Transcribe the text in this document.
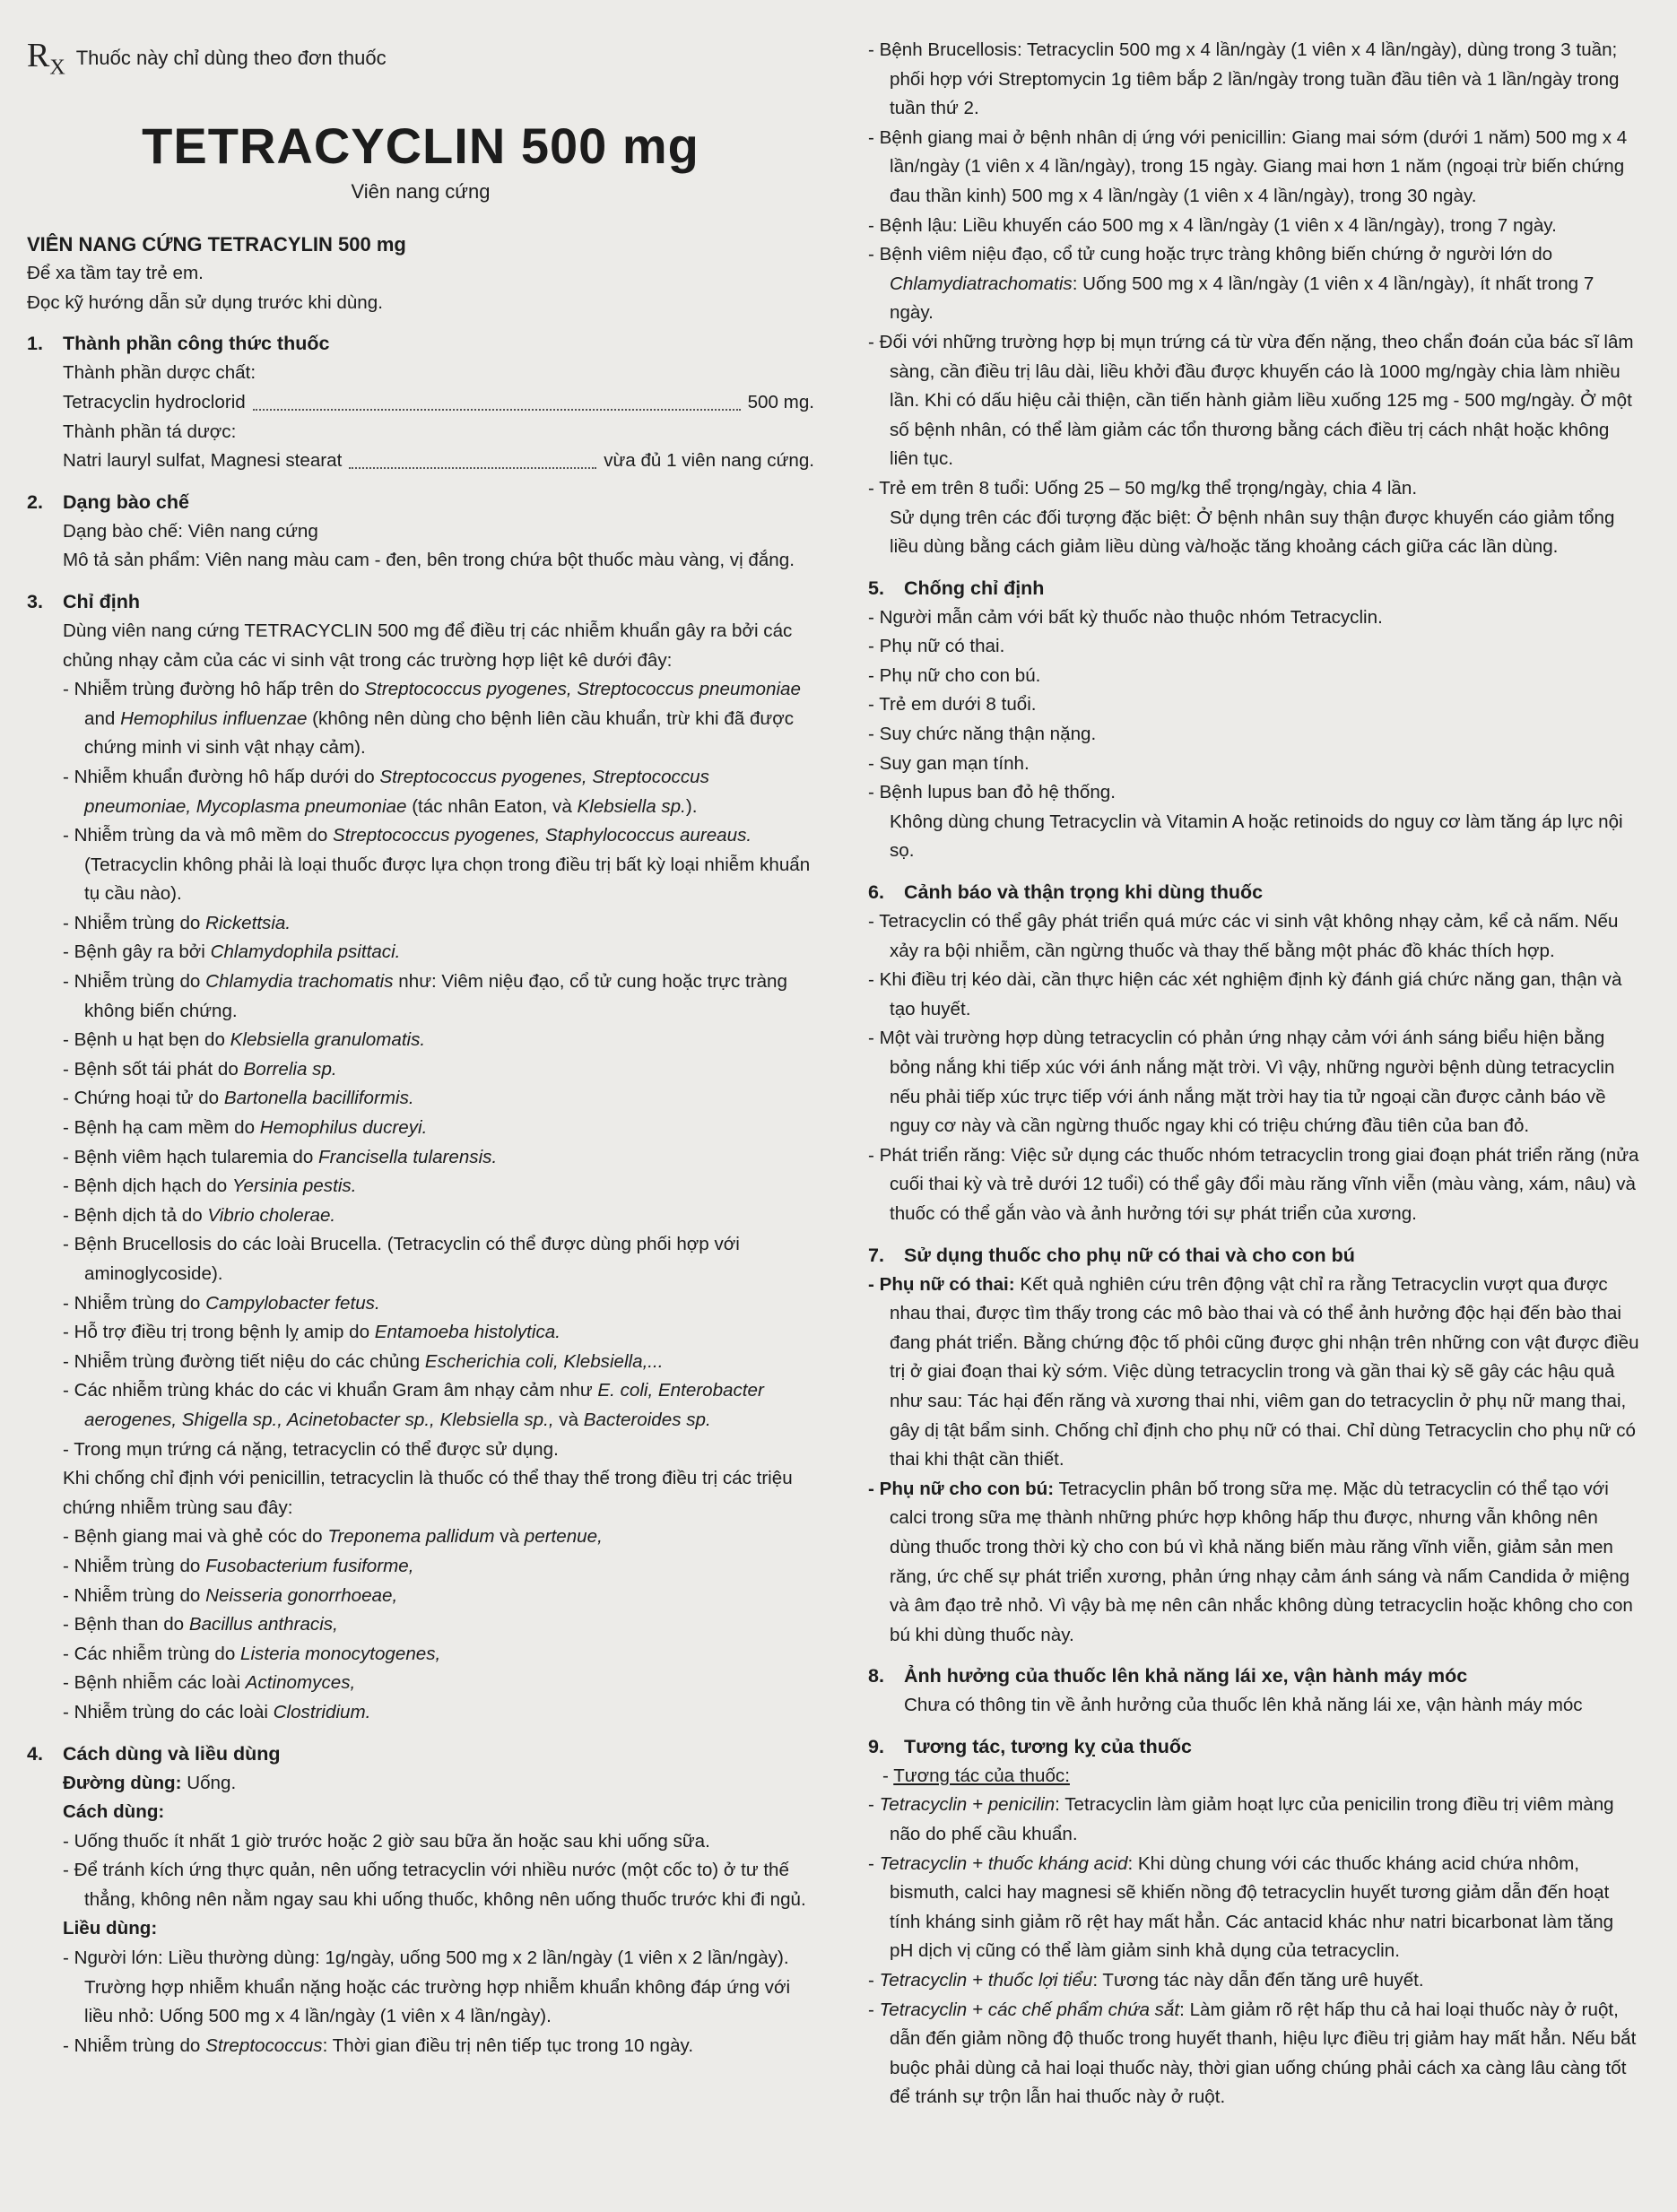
$R_X$ Thuốc này chỉ dùng theo đơn thuốc
TETRACYCLIN 500 mg
Viên nang cứng

VIÊN NANG CỨNG TETRACYLIN 500 mg

Để xa tầm tay trẻ em.

Đọc kỹ hướng dẫn sử dụng trước khi dùng.

1. Thành phần công thức thuốc

Thành phần dược chất:

Tetracyclin hydroclorid	500 mg.

Thành phần tá dược:

Natri lauryl sulfat, Magnesi stearat	vừa đủ 1 viên nang cứng.
2. Dạng bào chế

Dạng bào chế: Viên nang cứng

Mô tả sản phẩm: Viên nang màu cam - đen, bên trong chứa bột thuốc màu vàng, vị đắng.

3. Chỉ định

Dùng viên nang cứng TETRACYCLIN 500 mg để điều trị các nhiễm khuẩn gây ra bởi các chủng nhạy cảm của các vi sinh vật trong các trường hợp liệt kê dưới đây:

- Nhiễm trùng đường hô hấp trên do Streptococcus pyogenes, Streptococcus pneumoniae and Hemophilus influenzae (không nên dùng cho bệnh liên cầu khuẩn, trừ khi đã được chứng minh vi sinh vật nhạy cảm).

- Nhiễm khuẩn đường hô hấp dưới do Streptococcus pyogenes, Streptococcus pneumoniae, Mycoplasma pneumoniae (tác nhân Eaton, và Klebsiella sp.).

- Nhiễm trùng da và mô mềm do Streptococcus pyogenes, Staphylococcus aureaus. (Tetracyclin không phải là loại thuốc được lựa chọn trong điều trị bất kỳ loại nhiễm khuẩn tụ cầu nào).

- Nhiễm trùng do Rickettsia.

- Bệnh gây ra bởi Chlamydophila psittaci.

- Nhiễm trùng do Chlamydia trachomatis như: Viêm niệu đạo, cổ tử cung hoặc trực tràng không biến chứng.

- Bệnh u hạt bẹn do Klebsiella granulomatis.

- Bệnh sốt tái phát do Borrelia sp.

- Chứng hoại tử do Bartonella bacilliformis.

- Bệnh hạ cam mềm do Hemophilus ducreyi.

- Bệnh viêm hạch tularemia do Francisella tularensis.

- Bệnh dịch hạch do Yersinia pestis.

- Bệnh dịch tả do Vibrio cholerae.

- Bệnh Brucellosis do các loài Brucella. (Tetracyclin có thể được dùng phối hợp với aminoglycoside).

- Nhiễm trùng do Campylobacter fetus.

- Hỗ trợ điều trị trong bệnh lỵ amip do Entamoeba histolytica.

- Nhiễm trùng đường tiết niệu do các chủng Escherichia coli, Klebsiella,...

- Các nhiễm trùng khác do các vi khuẩn Gram âm nhạy cảm như E. coli, Enterobacter aerogenes, Shigella sp., Acinetobacter sp., Klebsiella sp., và Bacteroides sp.

- Trong mụn trứng cá nặng, tetracyclin có thể được sử dụng.

Khi chống chỉ định với penicillin, tetracyclin là thuốc có thể thay thế trong điều trị các triệu chứng nhiễm trùng sau đây:

- Bệnh giang mai và ghẻ cóc do Treponema pallidum và pertenue,

- Nhiễm trùng do Fusobacterium fusiforme,

- Nhiễm trùng do Neisseria gonorrhoeae,

- Bệnh than do Bacillus anthracis,

- Các nhiễm trùng do Listeria monocytogenes,

- Bệnh nhiễm các loài Actinomyces,

- Nhiễm trùng do các loài Clostridium.

4. Cách dùng và liều dùng

Đường dùng: Uống.

Cách dùng:

- Uống thuốc ít nhất 1 giờ trước hoặc 2 giờ sau bữa ăn hoặc sau khi uống sữa.

- Để tránh kích ứng thực quản, nên uống tetracyclin với nhiều nước (một cốc to) ở tư thế thẳng, không nên nằm ngay sau khi uống thuốc, không nên uống thuốc trước khi đi ngủ.

Liều dùng:

- Người lớn: Liều thường dùng: 1g/ngày, uống 500 mg x 2 lần/ngày (1 viên x 2 lần/ngày). Trường hợp nhiễm khuẩn nặng hoặc các trường hợp nhiễm khuẩn không đáp ứng với liều nhỏ: Uống 500 mg x 4 lần/ngày (1 viên x 4 lần/ngày).

- Nhiễm trùng do Streptococcus: Thời gian điều trị nên tiếp tục trong 10 ngày.

- Bệnh Brucellosis: Tetracyclin 500 mg x 4 lần/ngày (1 viên x 4 lần/ngày), dùng trong 3 tuần; phối hợp với Streptomycin 1g tiêm bắp 2 lần/ngày trong tuần đầu tiên và 1 lần/ngày trong tuần thứ 2.

- Bệnh giang mai ở bệnh nhân dị ứng với penicillin: Giang mai sớm (dưới 1 năm) 500 mg x 4 lần/ngày (1 viên x 4 lần/ngày), trong 15 ngày. Giang mai hơn 1 năm (ngoại trừ biến chứng đau thần kinh) 500 mg x 4 lần/ngày (1 viên x 4 lần/ngày), trong 30 ngày.

- Bệnh lậu: Liều khuyến cáo 500 mg x 4 lần/ngày (1 viên x 4 lần/ngày), trong 7 ngày.

- Bệnh viêm niệu đạo, cổ tử cung hoặc trực tràng không biến chứng ở người lớn do Chlamydiatrachomatis: Uống 500 mg x 4 lần/ngày (1 viên x 4 lần/ngày), ít nhất trong 7 ngày.

- Đối với những trường hợp bị mụn trứng cá từ vừa đến nặng, theo chẩn đoán của bác sĩ lâm sàng, cần điều trị lâu dài, liều khởi đầu được khuyến cáo là 1000 mg/ngày chia làm nhiều lần. Khi có dấu hiệu cải thiện, cần tiến hành giảm liều xuống 125 mg - 500 mg/ngày. Ở một số bệnh nhân, có thể làm giảm các tổn thương bằng cách điều trị cách nhật hoặc không liên tục.

- Trẻ em trên 8 tuổi: Uống 25 – 50 mg/kg thể trọng/ngày, chia 4 lần.

Sử dụng trên các đối tượng đặc biệt: Ở bệnh nhân suy thận được khuyến cáo giảm tổng liều dùng bằng cách giảm liều dùng và/hoặc tăng khoảng cách giữa các lần dùng.

5. Chống chỉ định

- Người mẫn cảm với bất kỳ thuốc nào thuộc nhóm Tetracyclin.

- Phụ nữ có thai.

- Phụ nữ cho con bú.

- Trẻ em dưới 8 tuổi.

- Suy chức năng thận nặng.

- Suy gan mạn tính.

- Bệnh lupus ban đỏ hệ thống.

Không dùng chung Tetracyclin và Vitamin A hoặc retinoids do nguy cơ làm tăng áp lực nội sọ.

6. Cảnh báo và thận trọng khi dùng thuốc

- Tetracyclin có thể gây phát triển quá mức các vi sinh vật không nhạy cảm, kể cả nấm. Nếu xảy ra bội nhiễm, cần ngừng thuốc và thay thế bằng một phác đồ khác thích hợp.

- Khi điều trị kéo dài, cần thực hiện các xét nghiệm định kỳ đánh giá chức năng gan, thận và tạo huyết.

- Một vài trường hợp dùng tetracyclin có phản ứng nhạy cảm với ánh sáng biểu hiện bằng bỏng nắng khi tiếp xúc với ánh nắng mặt trời. Vì vậy, những người bệnh dùng tetracyclin nếu phải tiếp xúc trực tiếp với ánh nắng mặt trời hay tia tử ngoại cần được cảnh báo về nguy cơ này và cần ngừng thuốc ngay khi có triệu chứng đầu tiên của ban đỏ.

- Phát triển răng: Việc sử dụng các thuốc nhóm tetracyclin trong giai đoạn phát triển răng (nửa cuối thai kỳ và trẻ dưới 12 tuổi) có thể gây đổi màu răng vĩnh viễn (màu vàng, xám, nâu) và thuốc có thể gắn vào và ảnh hưởng tới sự phát triển của xương.

7. Sử dụng thuốc cho phụ nữ có thai và cho con bú

- Phụ nữ có thai: Kết quả nghiên cứu trên động vật chỉ ra rằng Tetracyclin vượt qua được nhau thai, được tìm thấy trong các mô bào thai và có thể ảnh hưởng độc hại đến bào thai đang phát triển. Bằng chứng độc tố phôi cũng được ghi nhận trên những con vật được điều trị ở giai đoạn thai kỳ sớm. Việc dùng tetracyclin trong và gần thai kỳ sẽ gây các hậu quả như sau: Tác hại đến răng và xương thai nhi, viêm gan do tetracyclin ở phụ nữ mang thai, gây dị tật bẩm sinh. Chống chỉ định cho phụ nữ có thai. Chỉ dùng Tetracyclin cho phụ nữ có thai khi thật cần thiết.

- Phụ nữ cho con bú: Tetracyclin phân bố trong sữa mẹ. Mặc dù tetracyclin có thể tạo với calci trong sữa mẹ thành những phức hợp không hấp thu được, nhưng vẫn không nên dùng thuốc trong thời kỳ cho con bú vì khả năng biến màu răng vĩnh viễn, giảm sản men răng, ức chế sự phát triển xương, phản ứng nhạy cảm ánh sáng và nấm Candida ở miệng và âm đạo trẻ nhỏ. Vì vậy bà mẹ nên cân nhắc không dùng tetracyclin hoặc không cho con bú khi dùng thuốc này.

8. Ảnh hưởng của thuốc lên khả năng lái xe, vận hành máy móc

Chưa có thông tin về ảnh hưởng của thuốc lên khả năng lái xe, vận hành máy móc

9. Tương tác, tương kỵ của thuốc

- Tương tác của thuốc:

- Tetracyclin + penicilin: Tetracyclin làm giảm hoạt lực của penicilin trong điều trị viêm màng não do phế cầu khuẩn.

- Tetracyclin + thuốc kháng acid: Khi dùng chung với các thuốc kháng acid chứa nhôm, bismuth, calci hay magnesi sẽ khiến nồng độ tetracyclin huyết tương giảm dẫn đến hoạt tính kháng sinh giảm rõ rệt hay mất hẳn. Các antacid khác như natri bicarbonat làm tăng pH dịch vị cũng có thể làm giảm sinh khả dụng của tetracyclin.

- Tetracyclin + thuốc lợi tiểu: Tương tác này dẫn đến tăng urê huyết.

- Tetracyclin + các chế phẩm chứa sắt: Làm giảm rõ rệt hấp thu cả hai loại thuốc này ở ruột, dẫn đến giảm nồng độ thuốc trong huyết thanh, hiệu lực điều trị giảm hay mất hẳn. Nếu bắt buộc phải dùng cả hai loại thuốc này, thời gian uống chúng phải cách xa càng lâu càng tốt để tránh sự trộn lẫn hai thuốc này ở ruột.
